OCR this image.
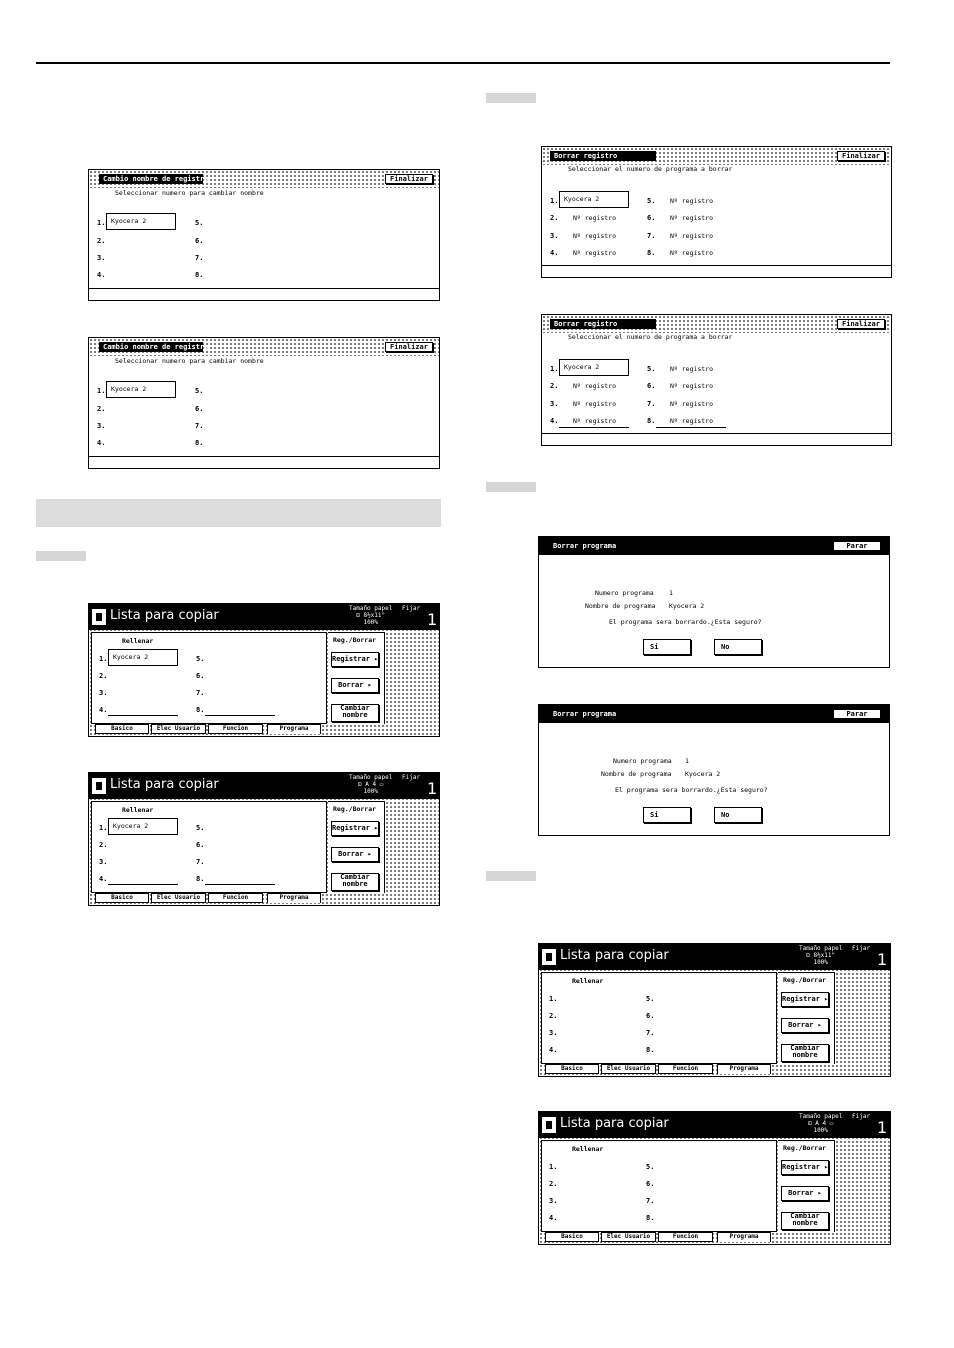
Cambio nombre de registro	Finalizar
Seleccionar numero para cambiar nombre
1. Kyocera 2
2.
3.
4.
5.
6.
7.
8.
Cambio nombre de registro	Finalizar
Seleccionar numero para cambiar nombre
1. Kyocera 2
2.
3.
4.
5.
6.
7.
8.
Lista para copiar	Tamaño papel
⊡ 8½x11"
100%
Fijar
1
Rellenar
1. Kyocera 2
2.
3.
4.
5.
6.
7.
8.
Reg./Borrar
Registrar ▸
Borrar ▸
Cambiar
nombre
Basico	Elec Usuario	Funcion	Programa
Lista para copiar	Tamaño papel
⊡ A 4 ▭
100%
Fijar
1
Rellenar
1. Kyocera 2
2.
3.
4.
5.
6.
7.
8.
Reg./Borrar
Registrar ▸
Borrar ▸
Cambiar
nombre
Basico	Elec Usuario	Funcion	Programa
Borrar registro	Finalizar
Seleccionar el numero de programa a borrar
1. Kyocera 2
2. Nº registro
3. Nº registro
4. Nº registro
5. Nº registro
6. Nº registro
7. Nº registro
8. Nº registro
Borrar registro	Finalizar
Seleccionar el numero de programa a borrar
1. Kyocera 2
2. Nº registro
3. Nº registro
4. Nº registro
5. Nº registro
6. Nº registro
7. Nº registro
8. Nº registro
Borrar programa	Parar
Numero programa 1
Nombre de programa Kyocera 2
El programa sera borrardo.¿Esta seguro?
Si	No
Borrar programa	Parar
Numero programa 1
Nombre de programa Kyocera 2
El programa sera borrardo.¿Esta seguro?
Si	No
Lista para copiar	Tamaño papel
⊡ 8½x11"
100%
Fijar
1
Rellenar
1.
2.
3.
4.
5.
6.
7.
8.
Reg./Borrar
Registrar ▸
Borrar ▸
Cambiar
nombre
Basico	Elec Usuario	Funcion	Programa
Lista para copiar	Tamaño papel
⊡ A 4 ▭
100%
Fijar
1
Rellenar
1.
2.
3.
4.
5.
6.
7.
8.
Reg./Borrar
Registrar ▸
Borrar ▸
Cambiar
nombre
Basico	Elec Usuario	Funcion	Programa
